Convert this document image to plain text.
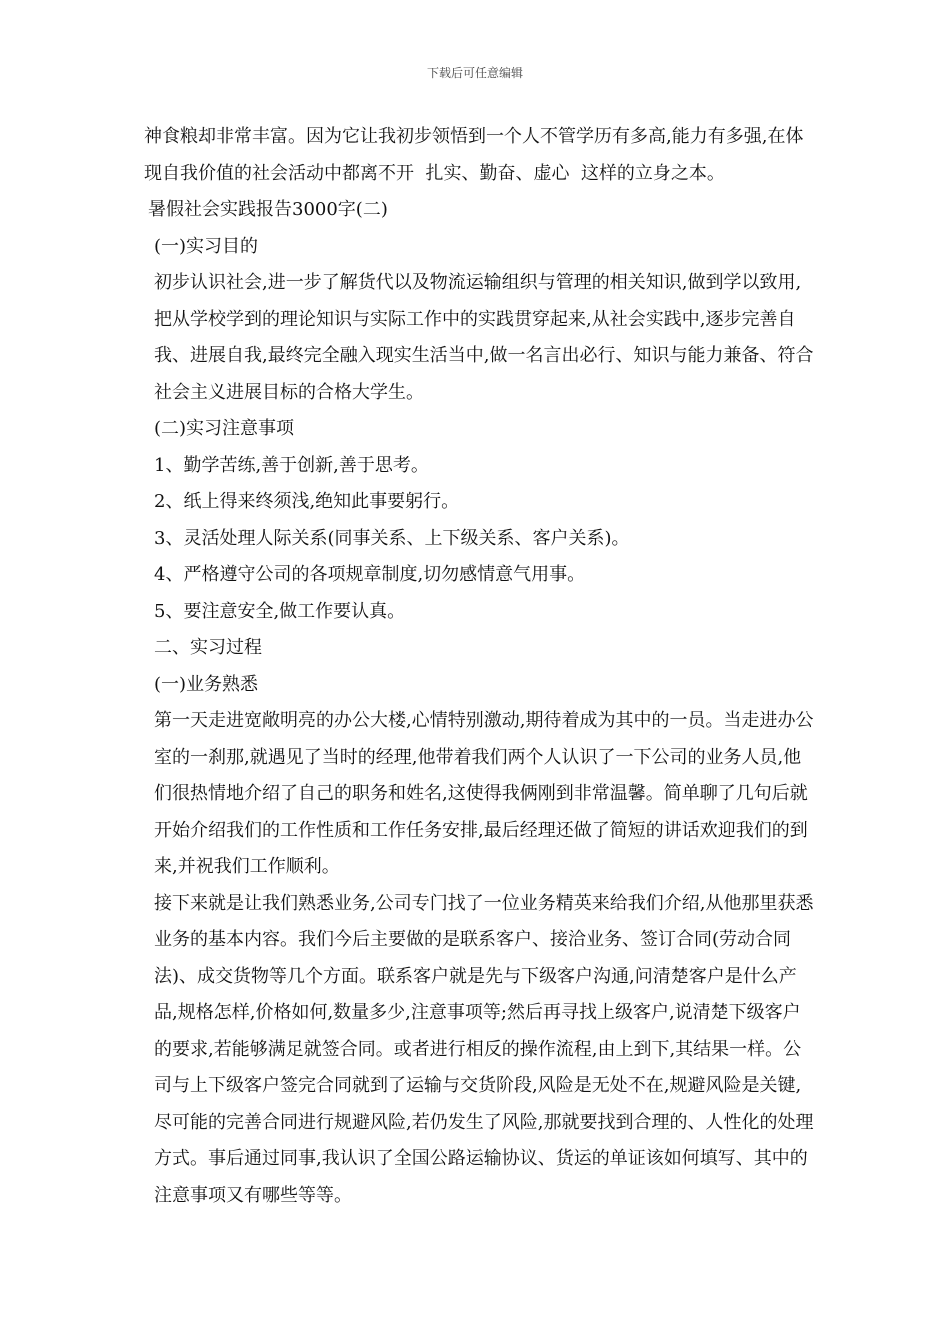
下载后可任意编辑

神食粮却非常丰富。因为它让我初步领悟到一个人不管学历有多高,能力有多强,在体现自我价值的社会活动中都离不开  扎实、勤奋、虚心  这样的立身之本。

暑假社会实践报告3000字(二)

(一)实习目的

初步认识社会,进一步了解货代以及物流运输组织与管理的相关知识,做到学以致用,把从学校学到的理论知识与实际工作中的实践贯穿起来,从社会实践中,逐步完善自我、进展自我,最终完全融入现实生活当中,做一名言出必行、知识与能力兼备、符合社会主义进展目标的合格大学生。

(二)实习注意事项

1、勤学苦练,善于创新,善于思考。

2、纸上得来终须浅,绝知此事要躬行。

3、灵活处理人际关系(同事关系、上下级关系、客户关系)。

4、严格遵守公司的各项规章制度,切勿感情意气用事。

5、要注意安全,做工作要认真。

二、实习过程

(一)业务熟悉

第一天走进宽敞明亮的办公大楼,心情特别激动,期待着成为其中的一员。当走进办公室的一刹那,就遇见了当时的经理,他带着我们两个人认识了一下公司的业务人员,他们很热情地介绍了自己的职务和姓名,这使得我俩刚到非常温馨。简单聊了几句后就开始介绍我们的工作性质和工作任务安排,最后经理还做了简短的讲话欢迎我们的到来,并祝我们工作顺利。

接下来就是让我们熟悉业务,公司专门找了一位业务精英来给我们介绍,从他那里获悉业务的基本内容。我们今后主要做的是联系客户、接洽业务、签订合同(劳动合同法)、成交货物等几个方面。联系客户就是先与下级客户沟通,问清楚客户是什么产品,规格怎样,价格如何,数量多少,注意事项等;然后再寻找上级客户,说清楚下级客户的要求,若能够满足就签合同。或者进行相反的操作流程,由上到下,其结果一样。公司与上下级客户签完合同就到了运输与交货阶段,风险是无处不在,规避风险是关键,尽可能的完善合同进行规避风险,若仍发生了风险,那就要找到合理的、人性化的处理方式。事后通过同事,我认识了全国公路运输协议、货运的单证该如何填写、其中的注意事项又有哪些等等。
